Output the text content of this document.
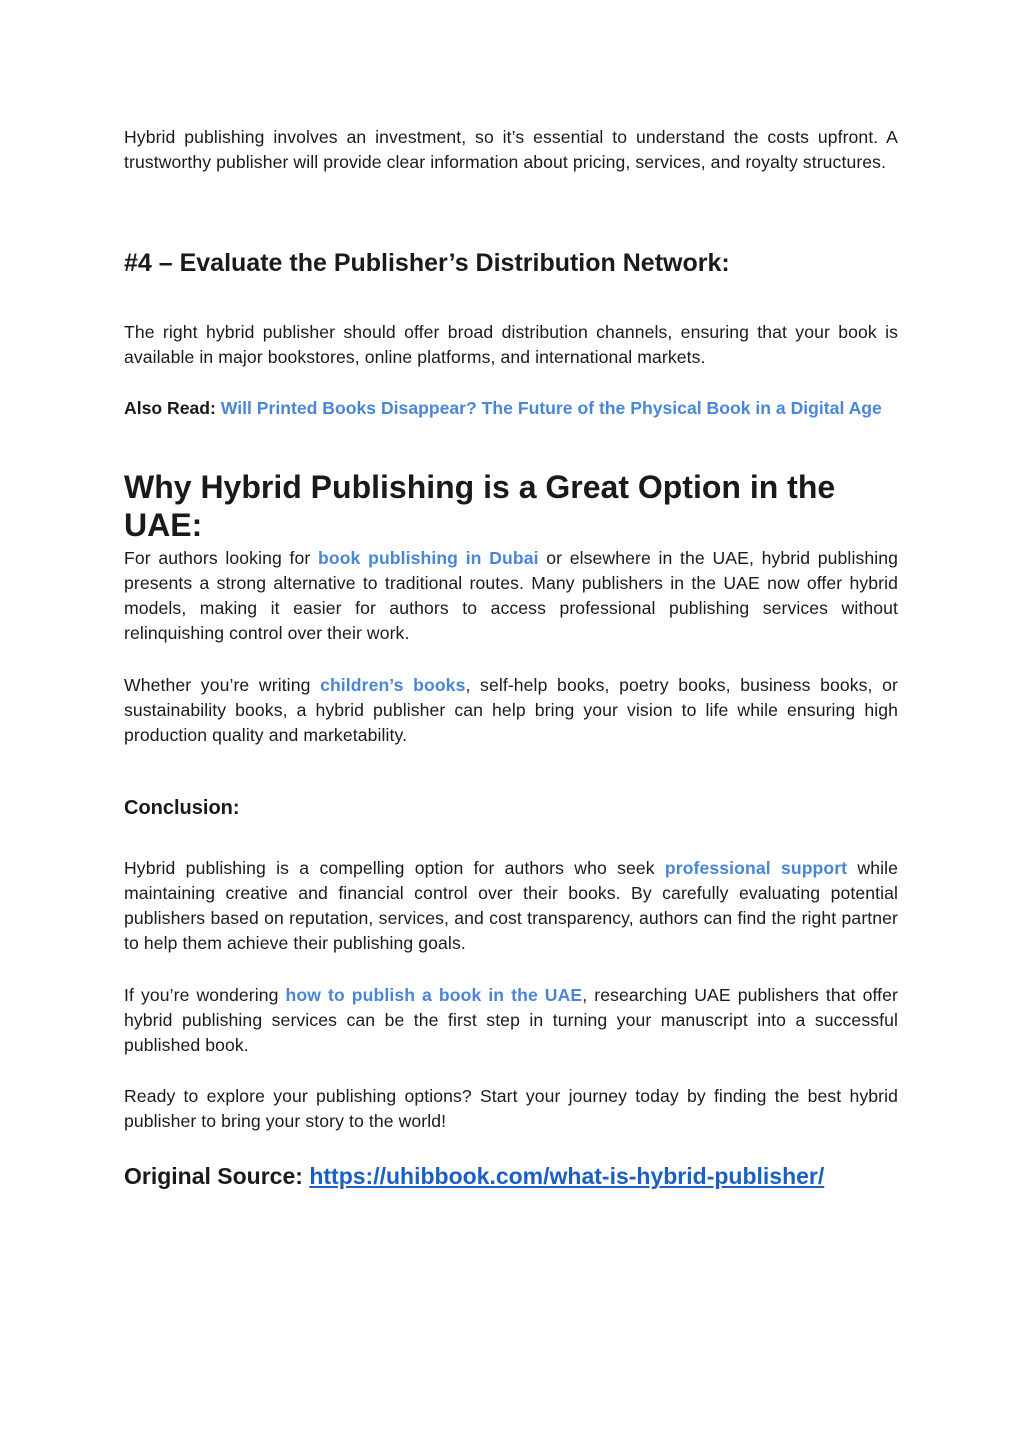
Hybrid publishing involves an investment, so it’s essential to understand the costs upfront. A trustworthy publisher will provide clear information about pricing, services, and royalty structures.

#4 – Evaluate the Publisher’s Distribution Network:

The right hybrid publisher should offer broad distribution channels, ensuring that your book is available in major bookstores, online platforms, and international markets.

Also Read: Will Printed Books Disappear? The Future of the Physical Book in a Digital Age

Why Hybrid Publishing is a Great Option in the UAE:

For authors looking for book publishing in Dubai or elsewhere in the UAE, hybrid publishing presents a strong alternative to traditional routes. Many publishers in the UAE now offer hybrid models, making it easier for authors to access professional publishing services without relinquishing control over their work.

Whether you’re writing children’s books, self-help books, poetry books, business books, or sustainability books, a hybrid publisher can help bring your vision to life while ensuring high production quality and marketability.

Conclusion:

Hybrid publishing is a compelling option for authors who seek professional support while maintaining creative and financial control over their books. By carefully evaluating potential publishers based on reputation, services, and cost transparency, authors can find the right partner to help them achieve their publishing goals.

If you’re wondering how to publish a book in the UAE, researching UAE publishers that offer hybrid publishing services can be the first step in turning your manuscript into a successful published book.

Ready to explore your publishing options? Start your journey today by finding the best hybrid publisher to bring your story to the world!

Original Source: https://uhibbook.com/what-is-hybrid-publisher/
